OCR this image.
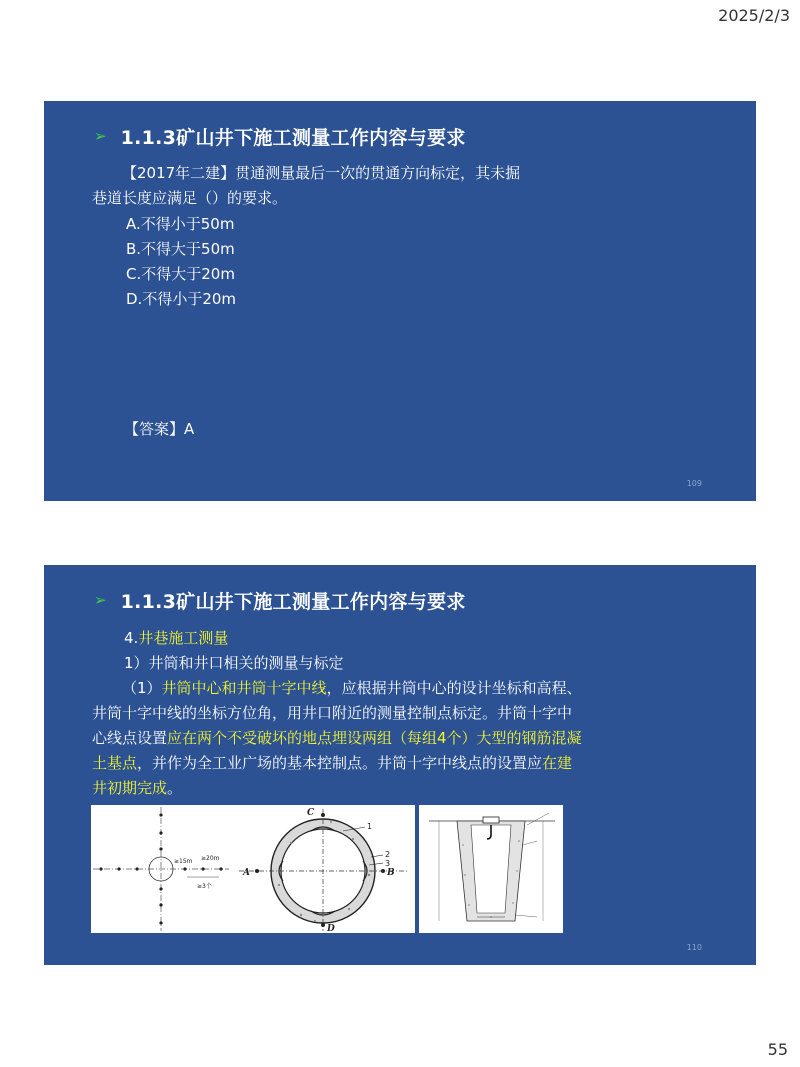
2025/2/3
➢ 1.1.3矿山井下施工测量工作内容与要求
【2017年二建】贯通测量最后一次的贯通方向标定，其未掘
巷道长度应满足（）的要求。
A.不得小于50m
B.不得大于50m
C.不得大于20m
D.不得小于20m
【答案】A
109
➢ 1.1.3矿山井下施工测量工作内容与要求
4.井巷施工测量
1）井筒和井口相关的测量与标定
（1）井筒中心和井筒十字中线，应根据井筒中心的设计坐标和高程、井筒十字中线的坐标方位角，用井口附近的测量控制点标定。井筒十字中心线点设置应在两个不受破坏的地点埋设两组（每组4个）大型的钢筋混凝土基点，并作为全工业广场的基本控制点。井筒十字中线点的设置应在建井初期完成。
≥15m ≥20m
≥3个
A	B
C
D
1
2
3
110
55
